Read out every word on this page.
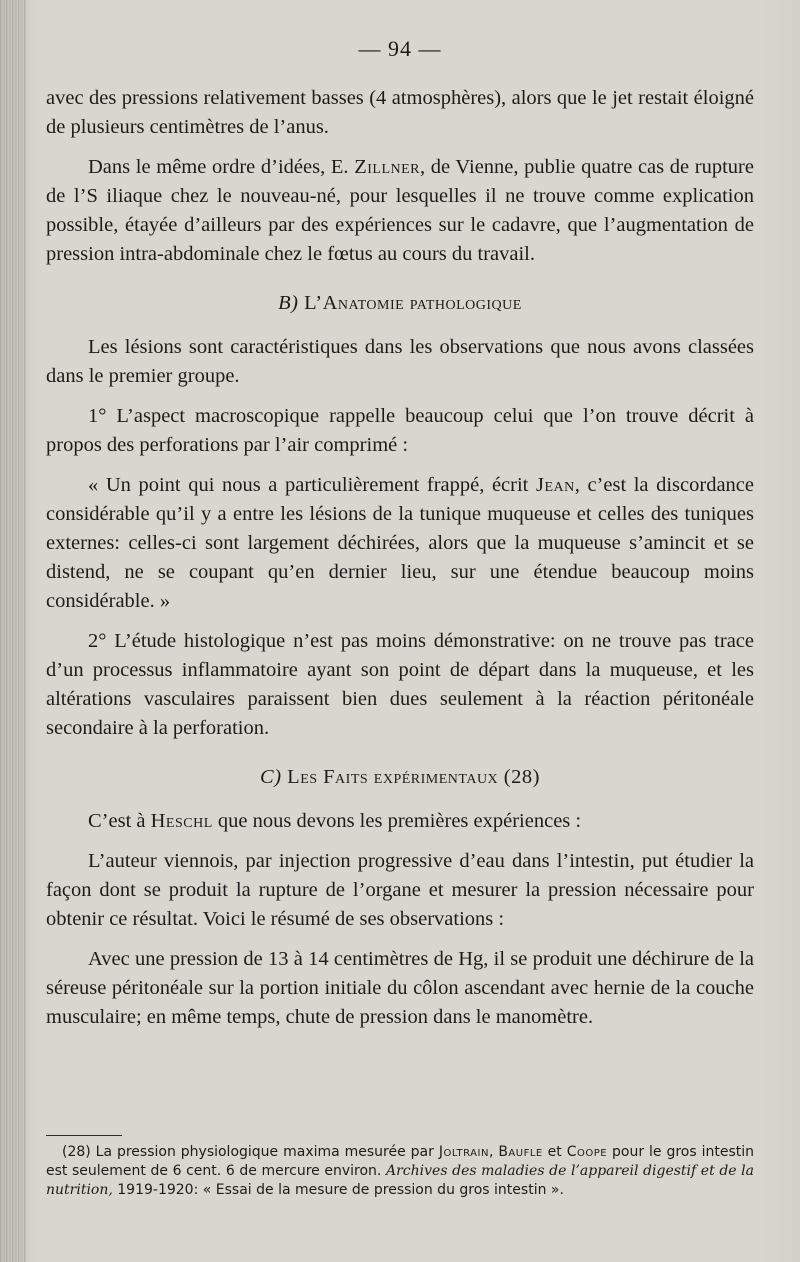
— 94 —

avec des pressions relativement basses (4 atmosphères), alors que le jet restait éloigné de plusieurs centimètres de l’anus.

Dans le même ordre d’idées, E. Zillner, de Vienne, publie quatre cas de rupture de l’S iliaque chez le nouveau-né, pour lesquelles il ne trouve comme explication possible, étayée d’ailleurs par des expériences sur le cadavre, que l’augmentation de pression intra-abdominale chez le fœtus au cours du travail.

B) L’Anatomie pathologique

Les lésions sont caractéristiques dans les observations que nous avons classées dans le premier groupe.

1° L’aspect macroscopique rappelle beaucoup celui que l’on trouve décrit à propos des perforations par l’air comprimé :

« Un point qui nous a particulièrement frappé, écrit Jean, c’est la discordance considérable qu’il y a entre les lésions de la tunique muqueuse et celles des tuniques externes: celles-ci sont largement déchirées, alors que la muqueuse s’amincit et se distend, ne se coupant qu’en dernier lieu, sur une étendue beaucoup moins considérable. »

2° L’étude histologique n’est pas moins démonstrative: on ne trouve pas trace d’un processus inflammatoire ayant son point de départ dans la muqueuse, et les altérations vasculaires paraissent bien dues seulement à la réaction péritonéale secondaire à la perforation.

C) Les Faits expérimentaux (28)

C’est à Heschl que nous devons les premières expériences :

L’auteur viennois, par injection progressive d’eau dans l’intestin, put étudier la façon dont se produit la rupture de l’organe et mesurer la pression nécessaire pour obtenir ce résultat. Voici le résumé de ses observations :

Avec une pression de 13 à 14 centimètres de Hg, il se produit une déchirure de la séreuse péritonéale sur la portion initiale du côlon ascendant avec hernie de la couche musculaire; en même temps, chute de pression dans le manomètre.

(28) La pression physiologique maxima mesurée par Joltrain, Baufle et Coope pour le gros intestin est seulement de 6 cent. 6 de mercure environ. Archives des maladies de l’appareil digestif et de la nutrition, 1919-1920: « Essai de la mesure de pression du gros intestin ».
